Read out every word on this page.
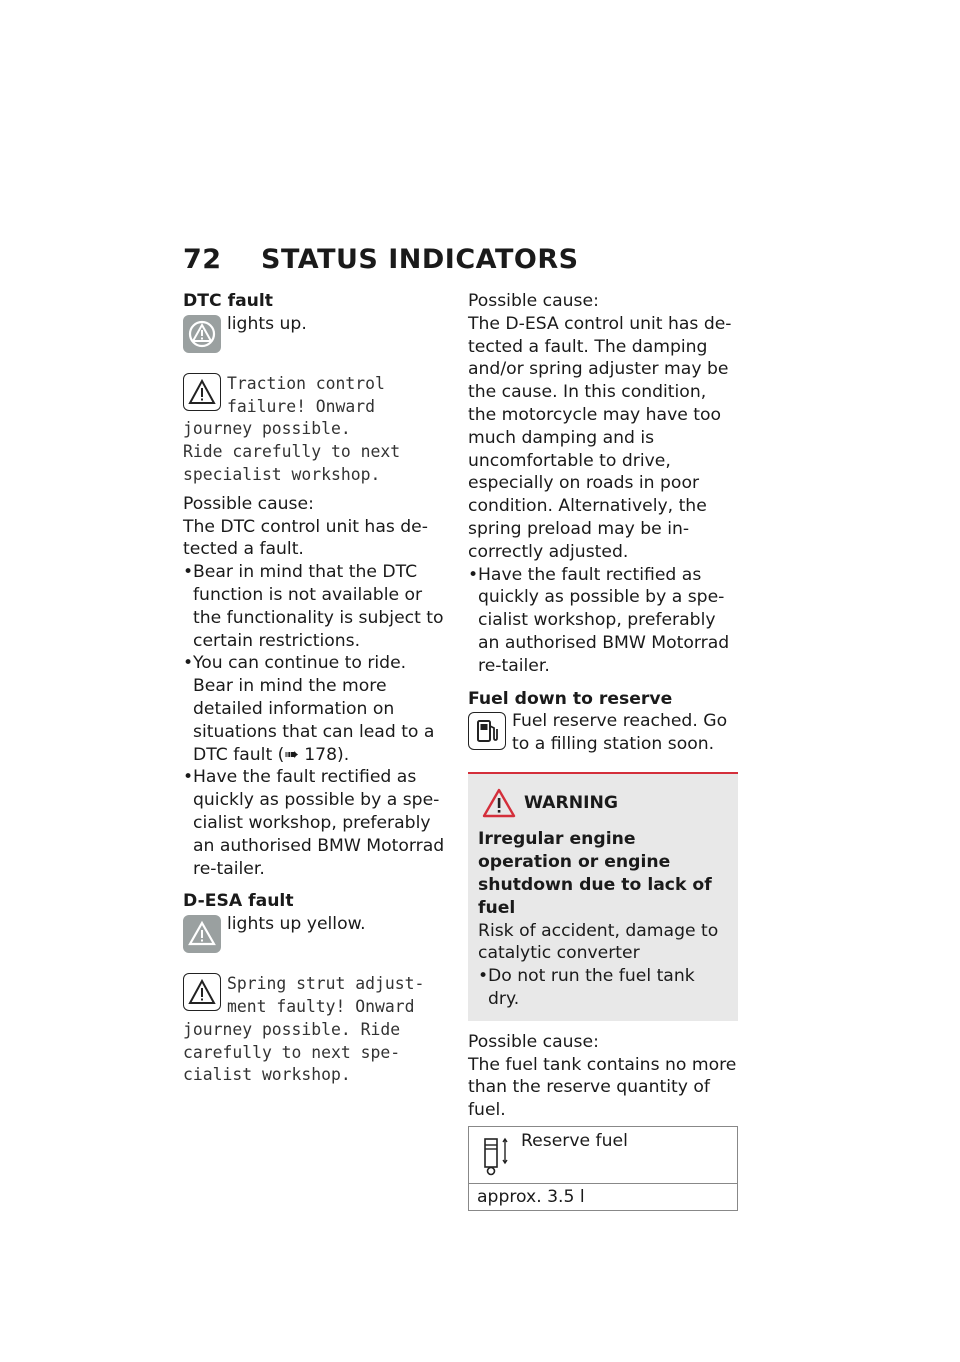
72 STATUS INDICATORS

DTC fault

lights up.

Traction control

failure! Onward

journey possible.

Ride carefully to next

specialist workshop.

Possible cause:

The DTC control unit has de-tected a fault.

• Bear in mind that the DTC function is not available or the functionality is subject to certain restrictions.
• You can continue to ride. Bear in mind the more detailed information on situations that can lead to a DTC fault (➠ 178).
• Have the fault rectified as quickly as possible by a spe-cialist workshop, preferably an authorised BMW Motorrad re-tailer.

D-ESA fault

lights up yellow.

Spring strut adjust-

ment faulty! Onward

journey possible. Ride

carefully to next spe-

cialist workshop.

Possible cause:

The D-ESA control unit has de-tected a fault. The damping and/or spring adjuster may be the cause. In this condition, the motorcycle may have too much damping and is uncomfortable to drive, especially on roads in poor condition. Alternatively, the spring preload may be in-correctly adjusted.

• Have the fault rectified as quickly as possible by a spe-cialist workshop, preferably an authorised BMW Motorrad re-tailer.

Fuel down to reserve

Fuel reserve reached. Go to a filling station soon.

WARNING

Irregular engine operation or engine shutdown due to lack of fuel

Risk of accident, damage to catalytic converter

• Do not run the fuel tank dry.

Possible cause:

The fuel tank contains no more than the reserve quantity of fuel.

Reserve fuel
approx. 3.5 l
